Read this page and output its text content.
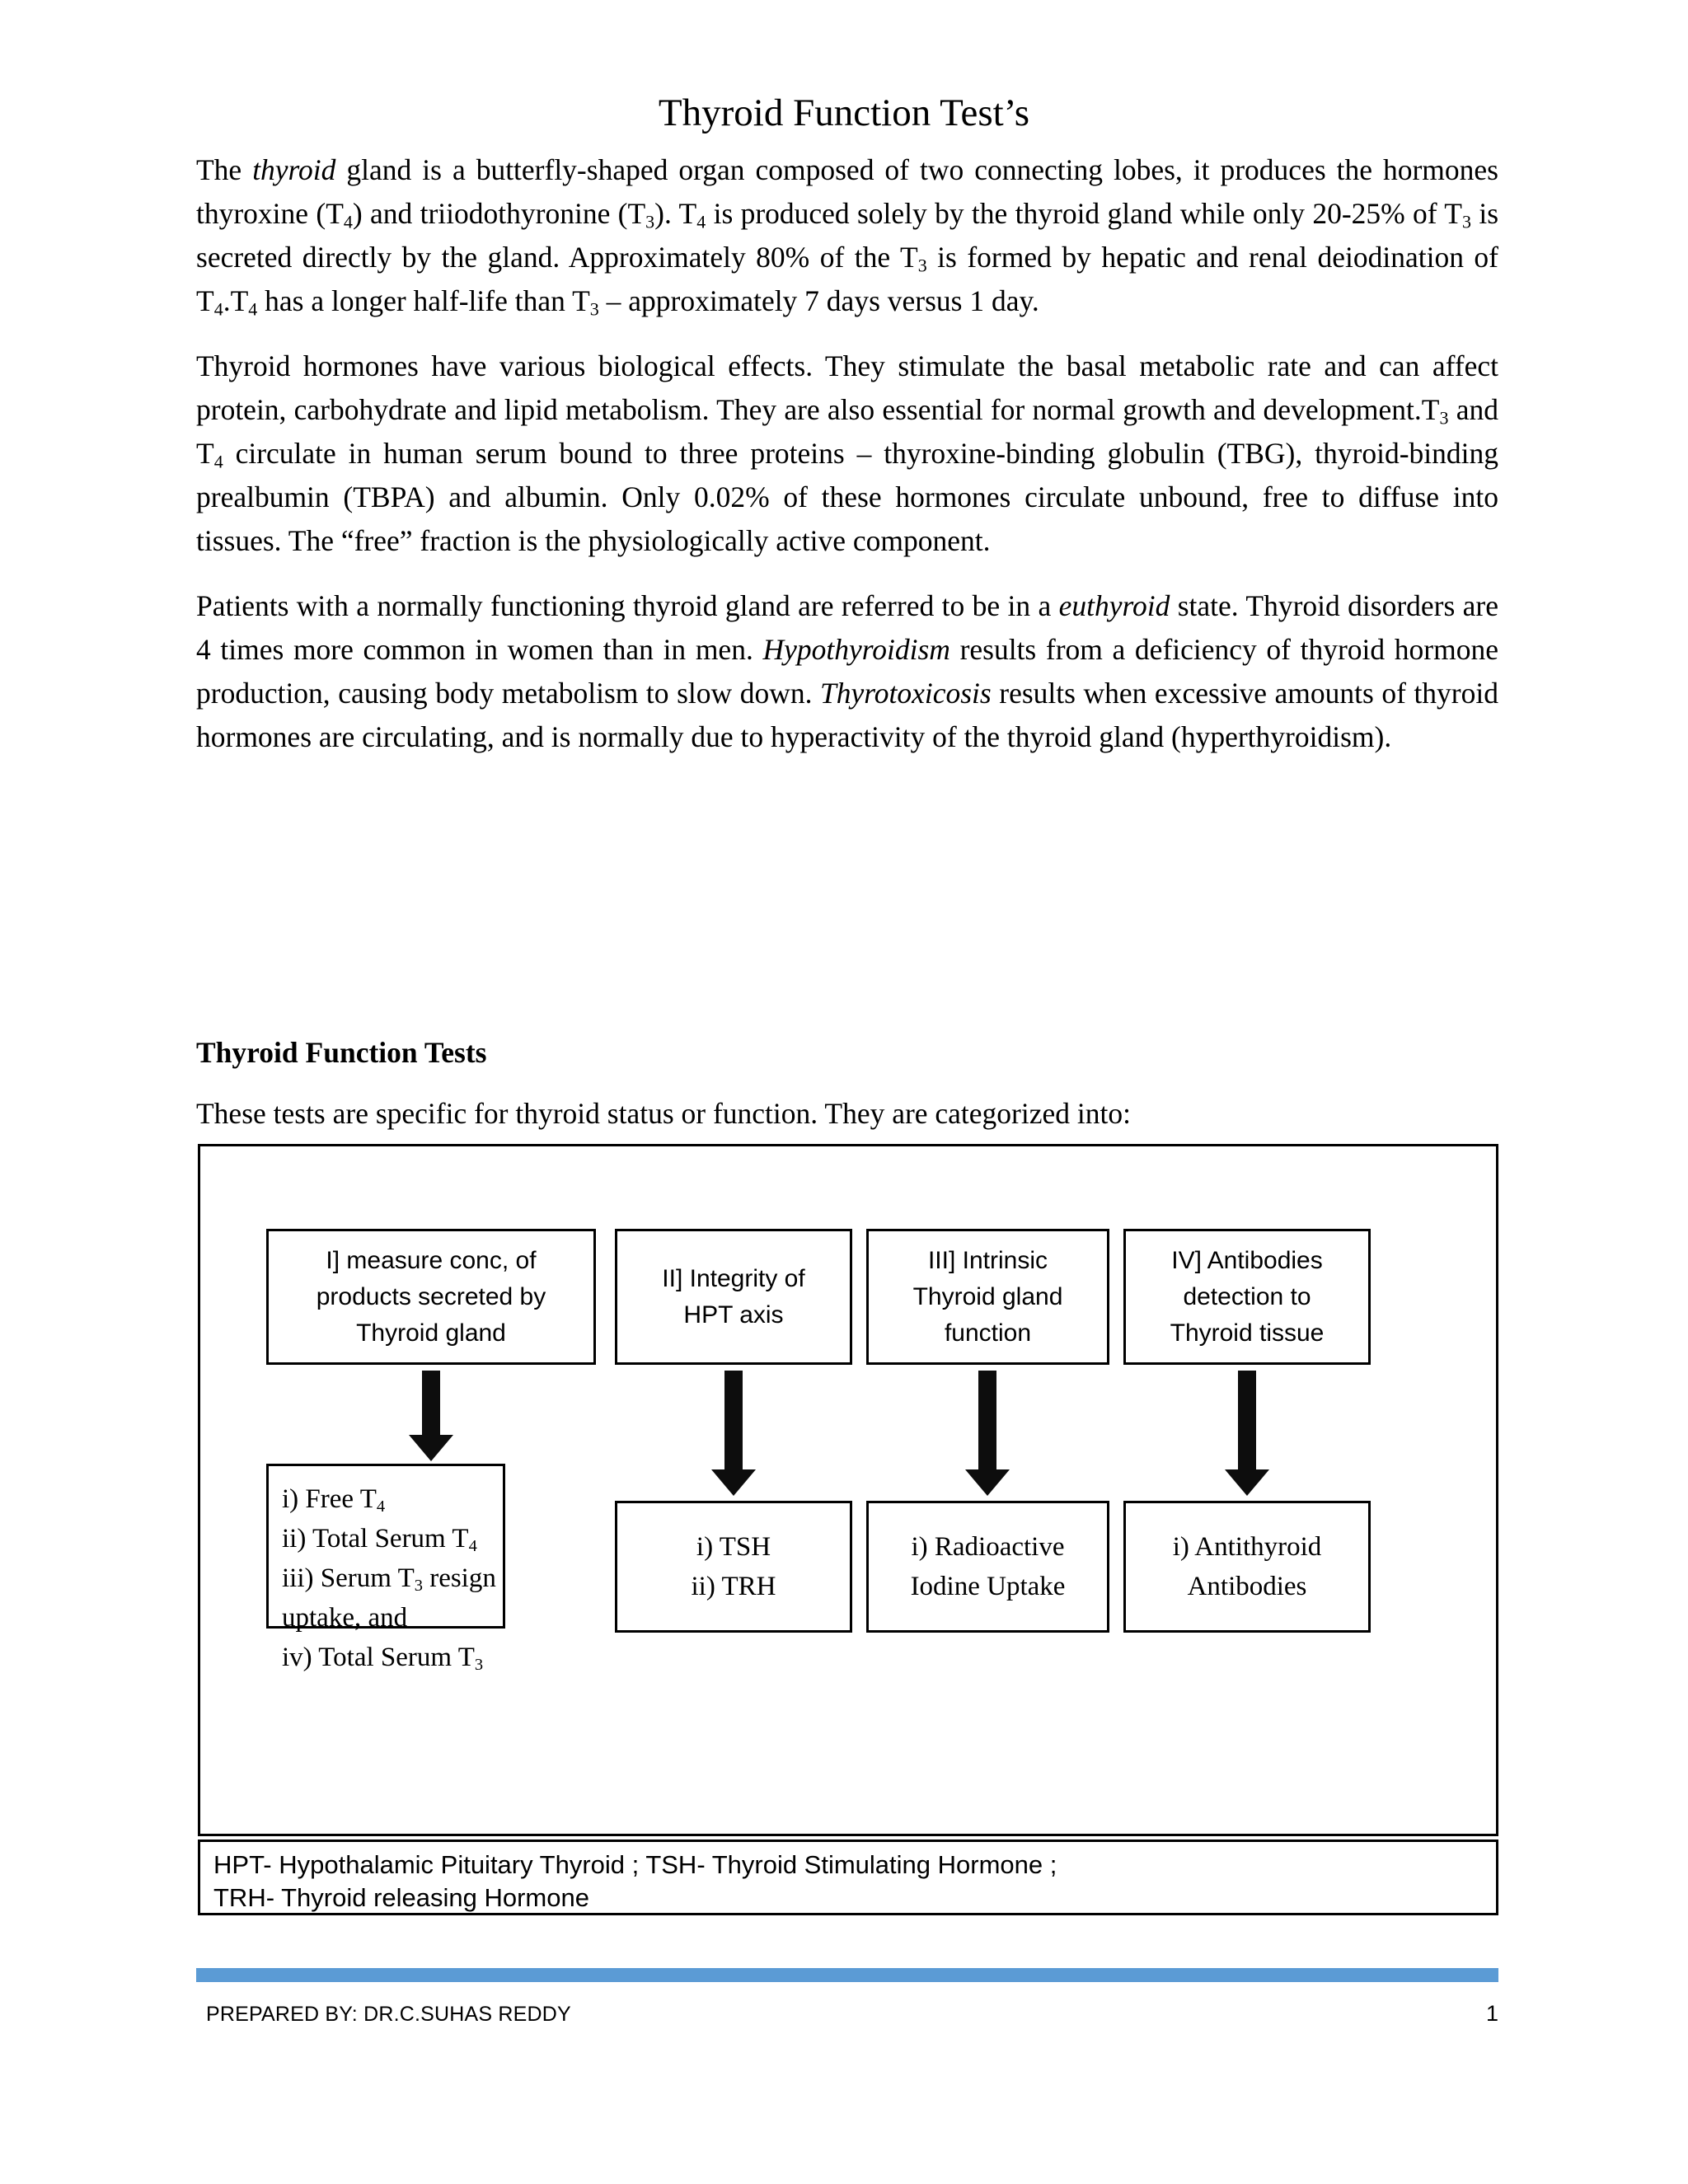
Thyroid Function Test’s

The thyroid gland is a butterfly-shaped organ composed of two connecting lobes, it produces the hormones thyroxine $(T_4)$ and triiodothyronine $(T_3)$. $T_4$ is produced solely by the thyroid gland while only 20-25% of $T_3$ is secreted directly by the gland. Approximately 80% of the $T_3$ is formed by hepatic and renal deiodination of $T_4.T_4$ has a longer half-life than $T_3$ – approximately 7 days versus 1 day.

Thyroid hormones have various biological effects. They stimulate the basal metabolic rate and can affect protein, carbohydrate and lipid metabolism. They are also essential for normal growth and $development.T_3$ and $T_4$ circulate in human serum bound to three proteins – thyroxine-binding globulin (TBG), thyroid-binding prealbumin (TBPA) and albumin. Only 0.02% of these hormones circulate unbound, free to diffuse into tissues. The “free” fraction is the physiologically active component.

Patients with a normally functioning thyroid gland are referred to be in a euthyroid state. Thyroid disorders are 4 times more common in women than in men. Hypothyroidism results from a deficiency of thyroid hormone production, causing body metabolism to slow down. Thyrotoxicosis results when excessive amounts of thyroid hormones are circulating, and is normally due to hyperactivity of the thyroid gland (hyperthyroidism).

Thyroid Function Tests
These tests are specific for thyroid status or function. They are categorized into:
I] measure conc, of
products secreted by
Thyroid gland
II] Integrity of
HPT axis
III] Intrinsic
Thyroid gland
function
IV] Antibodies
detection to
Thyroid tissue
i) Free $T_4$
ii) Total Serum $T_4$
iii) Serum $T_3$ resign
uptake, and
iv) Total Serum $T_3$
i) TSH
ii) TRH
i) Radioactive
Iodine Uptake
i) Antithyroid
Antibodies
HPT- Hypothalamic Pituitary Thyroid ; TSH- Thyroid Stimulating Hormone ;
TRH- Thyroid releasing Hormone
PREPARED BY: DR.C.SUHAS REDDY	1
